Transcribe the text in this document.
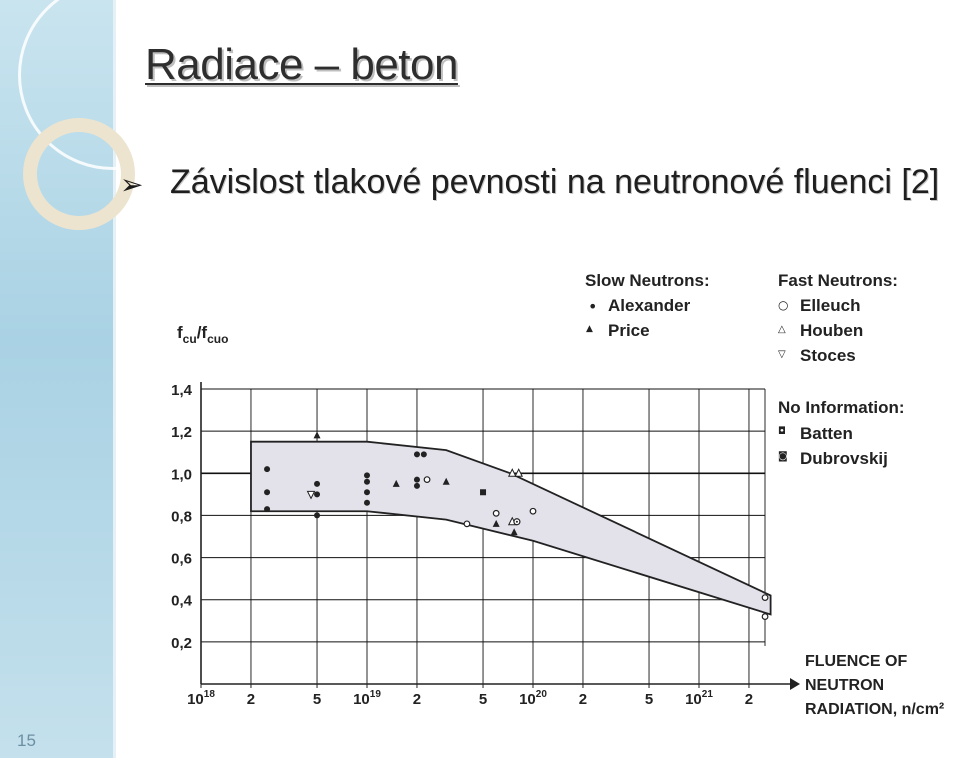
15
Radiace – beton
➢ Závislost tlakové pevnosti na neutronové fluenci [2]
0,2
0,4
0,6
0,8
1,0
1,2
1,4
$10^{18}$ 2	5 $10^{19}$ 2	5 $10^{20}$ 2	5 $10^{21}$ 2
$f_{cu}/f_{cuo}$
Slow Neutrons:
• Alexander
▲ Price
Fast Neutrons:
○ Elleuch
△ Houben
▽ Stoces
No Information:
◘ Batten
◙ Dubrovskij
FLUENCE OF
NEUTRON
RADIATION, n/cm²
